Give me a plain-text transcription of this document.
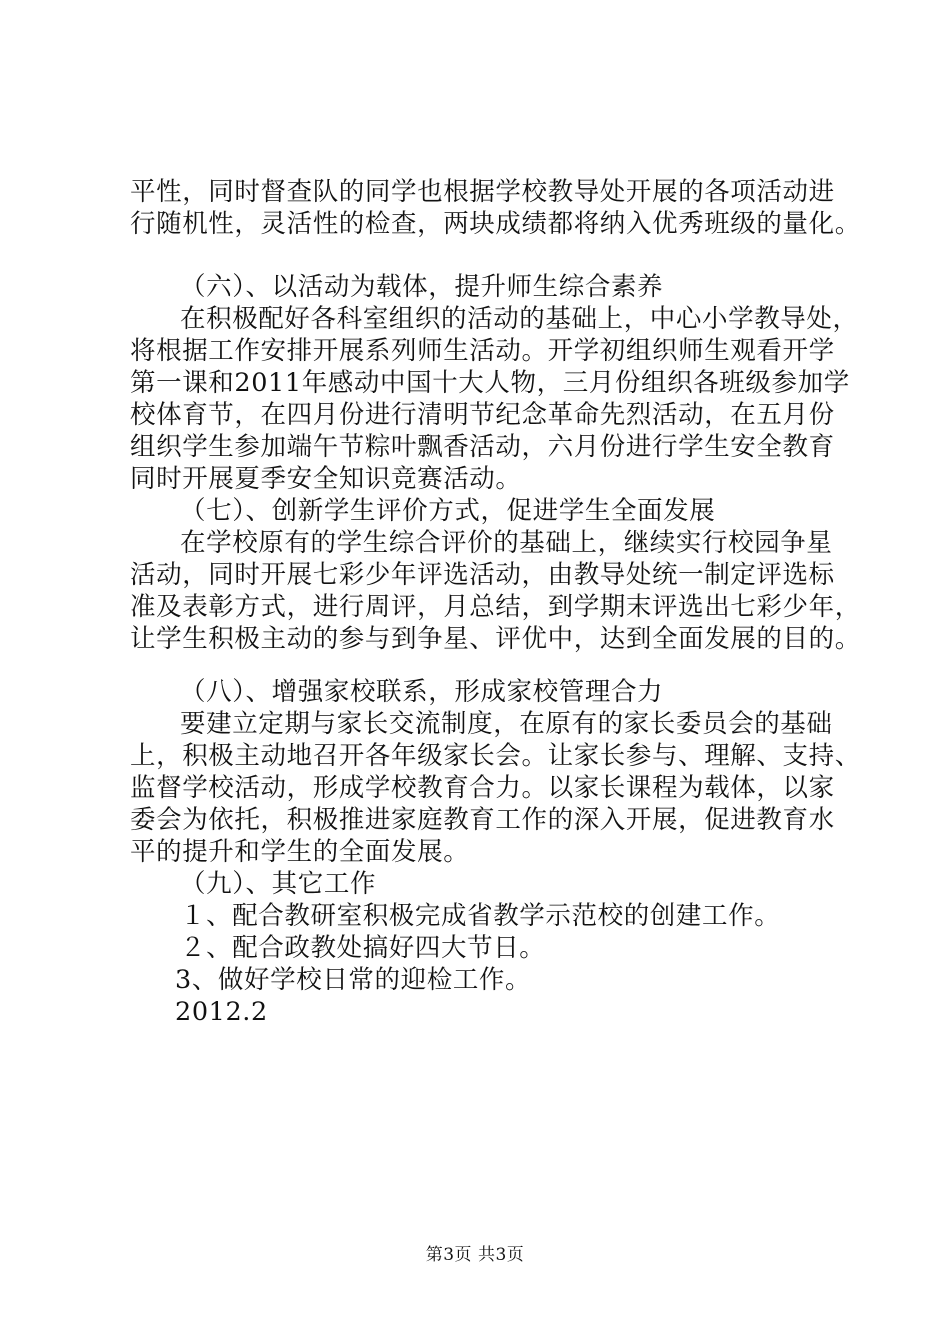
平性，同时督查队的同学也根据学校教导处开展的各项活动进
行随机性，灵活性的检查，两块成绩都将纳入优秀班级的量化。
（六）、以活动为载体，提升师生综合素养
在积极配好各科室组织的活动的基础上，中心小学教导处，
将根据工作安排开展系列师生活动。开学初组织师生观看开学
第一课和2011年感动中国十大人物，三月份组织各班级参加学
校体育节，在四月份进行清明节纪念革命先烈活动，在五月份
组织学生参加端午节粽叶飘香活动，六月份进行学生安全教育
同时开展夏季安全知识竞赛活动。
（七）、创新学生评价方式，促进学生全面发展
在学校原有的学生综合评价的基础上，继续实行校园争星
活动，同时开展七彩少年评选活动，由教导处统一制定评选标
准及表彰方式，进行周评，月总结，到学期末评选出七彩少年，
让学生积极主动的参与到争星、评优中，达到全面发展的目的。
（八）、增强家校联系，形成家校管理合力
要建立定期与家长交流制度，在原有的家长委员会的基础
上，积极主动地召开各年级家长会。让家长参与、理解、支持、
监督学校活动，形成学校教育合力。以家长课程为载体，以家
委会为依托，积极推进家庭教育工作的深入开展，促进教育水
平的提升和学生的全面发展。
（九）、其它工作
１、配合教研室积极完成省教学示范校的创建工作。
２、配合政教处搞好四大节日。
3、做好学校日常的迎检工作。
2012.2
第3页 共3页
